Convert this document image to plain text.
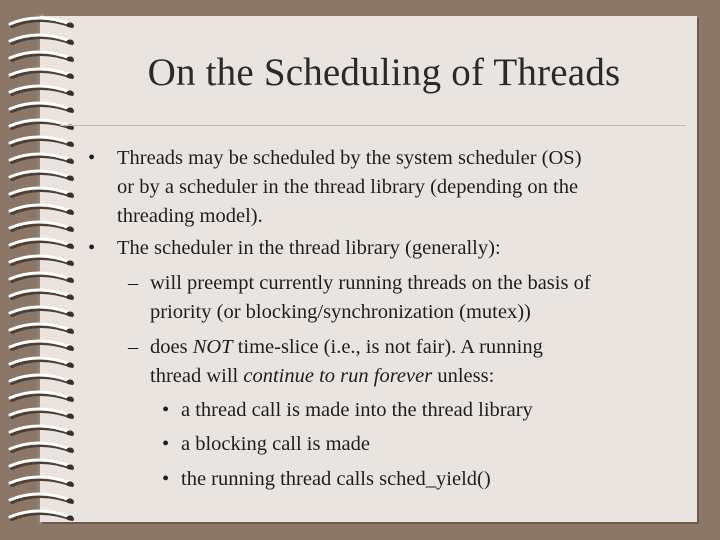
On the Scheduling of Threads
• Threads may be scheduled by the system scheduler (OS)
or by a scheduler in the thread library (depending on the
threading model).
• The scheduler in the thread library (generally):
– will preempt currently running threads on the basis of
priority (or blocking/synchronization (mutex))
– does NOT time-slice (i.e., is not fair). A running
thread will continue to run forever unless:
• a thread call is made into the thread library
• a blocking call is made
• the running thread calls sched_yield()
